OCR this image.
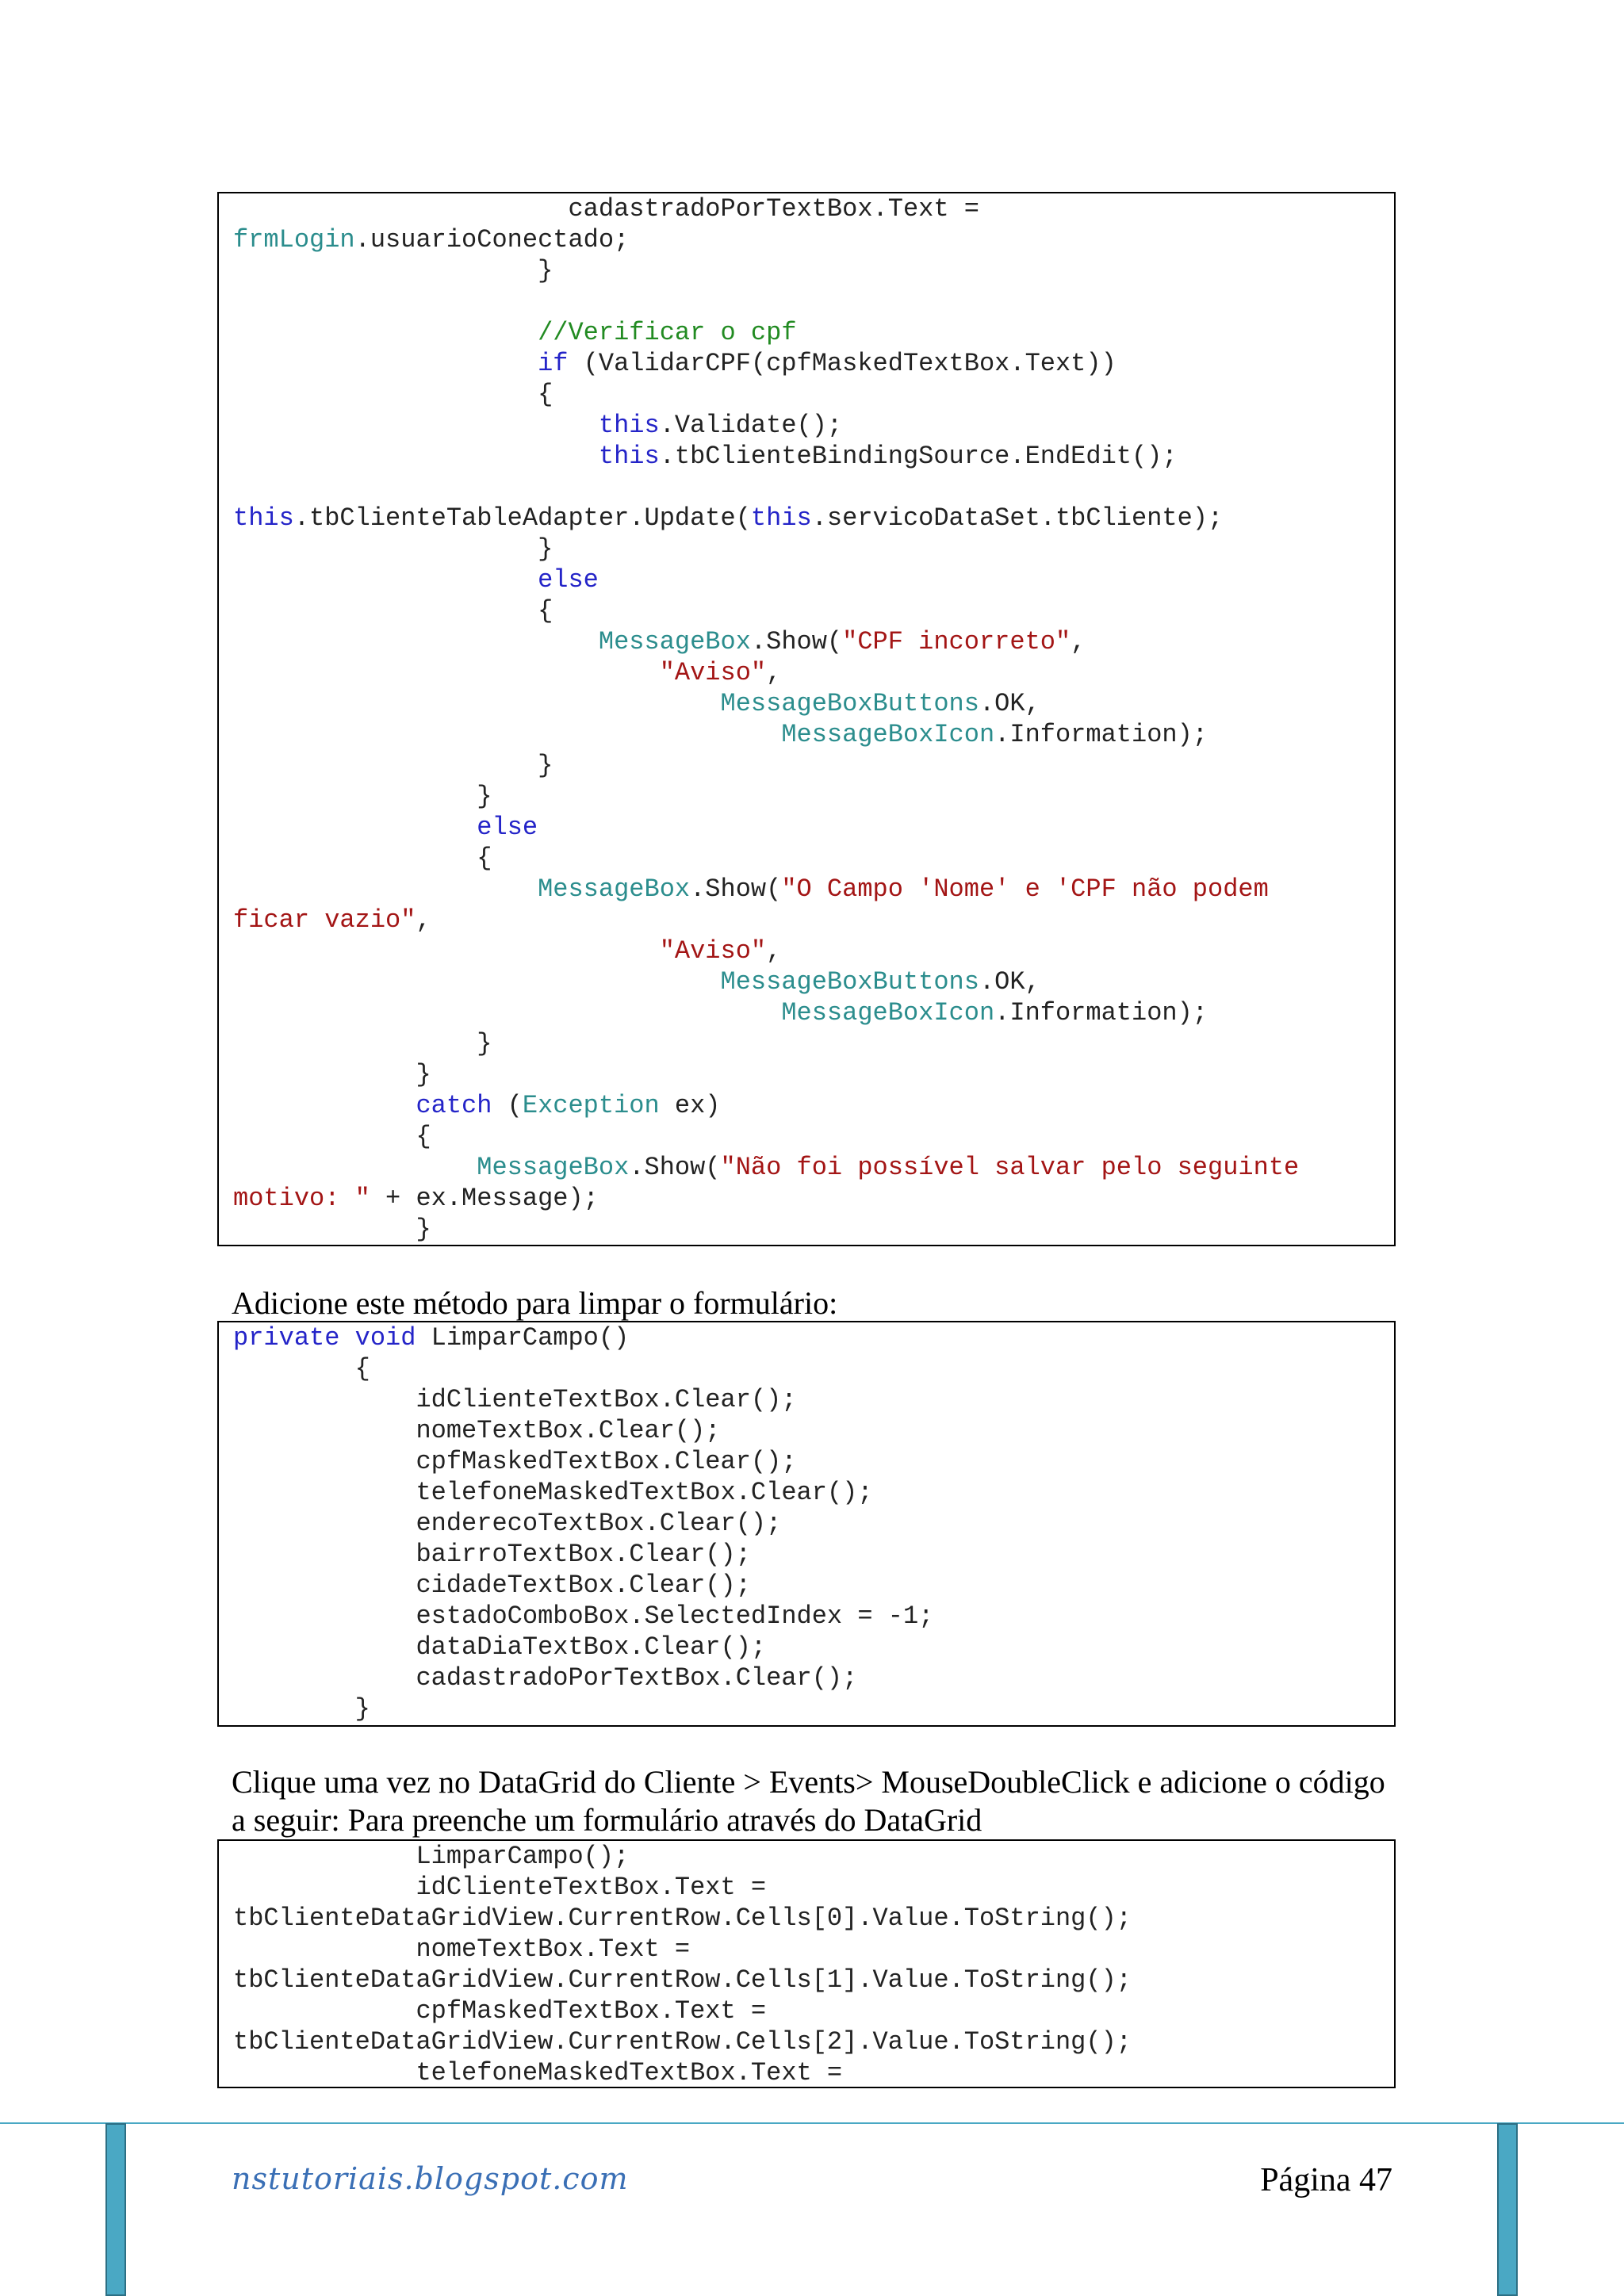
cadastradoPorTextBox.Text =
frmLogin.usuarioConectado;
}
//Verificar o cpf
if (ValidarCPF(cpfMaskedTextBox.Text))
{
this.Validate();
this.tbClienteBindingSource.EndEdit();
this.tbClienteTableAdapter.Update(this.servicoDataSet.tbCliente);
}
else
{
MessageBox.Show("CPF incorreto",
"Aviso",
MessageBoxButtons.OK,
MessageBoxIcon.Information);
}
}
else
{
MessageBox.Show("O Campo 'Nome' e 'CPF não podem
ficar vazio",
"Aviso",
MessageBoxButtons.OK,
MessageBoxIcon.Information);
}
}
catch (Exception ex)
{
MessageBox.Show("Não foi possível salvar pelo seguinte
motivo: " + ex.Message);
}

Adicione este método para limpar o formulário:

private void LimparCampo()
{
idClienteTextBox.Clear();
nomeTextBox.Clear();
cpfMaskedTextBox.Clear();
telefoneMaskedTextBox.Clear();
enderecoTextBox.Clear();
bairroTextBox.Clear();
cidadeTextBox.Clear();
estadoComboBox.SelectedIndex = -1;
dataDiaTextBox.Clear();
cadastradoPorTextBox.Clear();
}

Clique uma vez no DataGrid do Cliente > Events> MouseDoubleClick e adicione o código a seguir: Para preenche um formulário através do DataGrid

LimparCampo();
idClienteTextBox.Text =
tbClienteDataGridView.CurrentRow.Cells[0].Value.ToString();
nomeTextBox.Text =
tbClienteDataGridView.CurrentRow.Cells[1].Value.ToString();
cpfMaskedTextBox.Text =
tbClienteDataGridView.CurrentRow.Cells[2].Value.ToString();
telefoneMaskedTextBox.Text =
nstutoriais.blogspot.com	Página 47
